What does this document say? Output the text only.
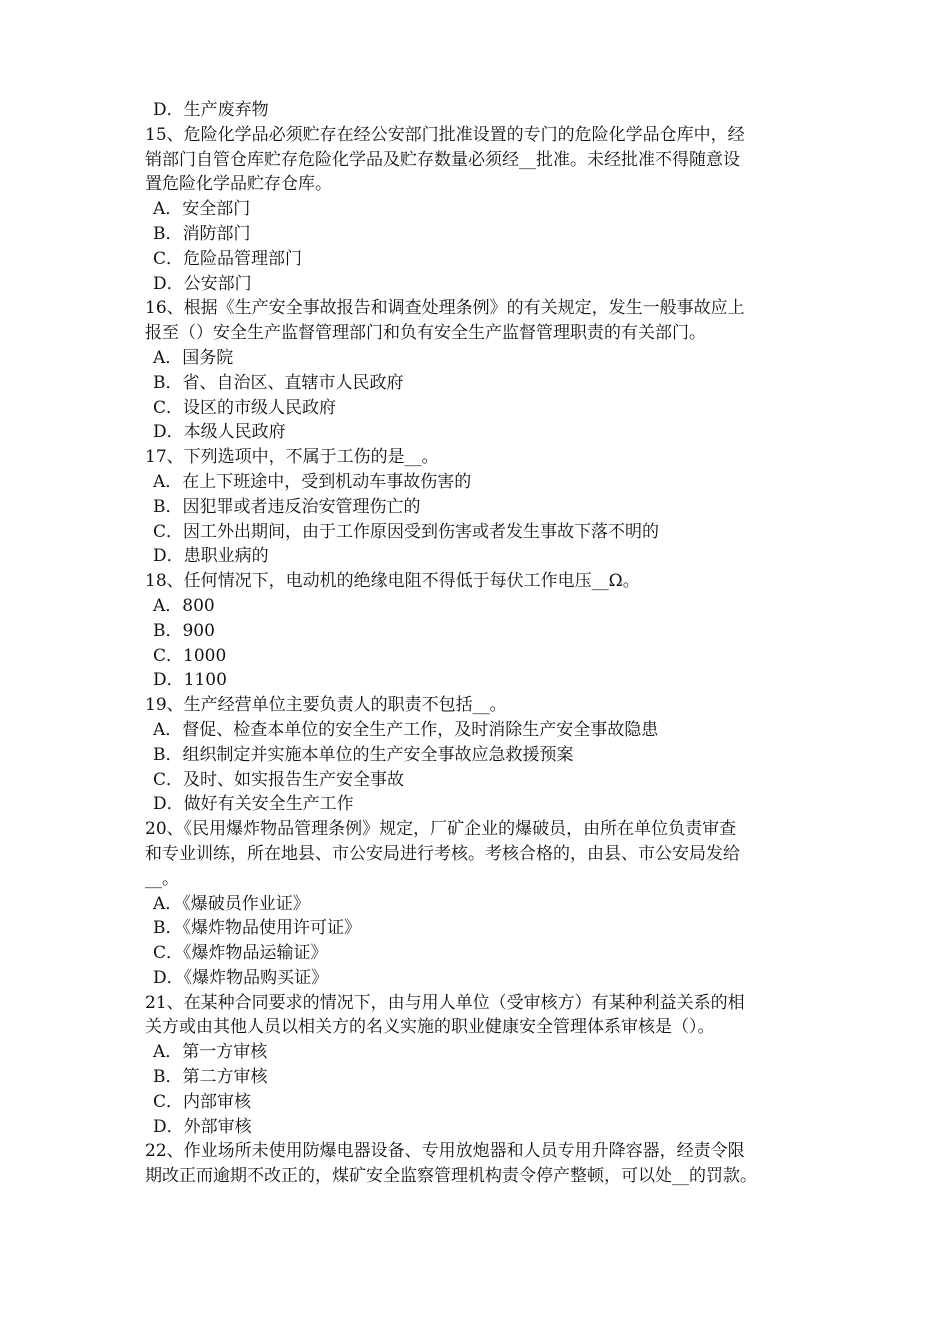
D．生产废弃物
15、危险化学品必须贮存在经公安部门批准设置的专门的危险化学品仓库中，经
销部门自管仓库贮存危险化学品及贮存数量必须经__批准。未经批准不得随意设
置危险化学品贮存仓库。
A．安全部门
B．消防部门
C．危险品管理部门
D．公安部门
16、根据《生产安全事故报告和调查处理条例》的有关规定，发生一般事故应上
报至（）安全生产监督管理部门和负有安全生产监督管理职责的有关部门。
A．国务院
B．省、自治区、直辖市人民政府
C．设区的市级人民政府
D．本级人民政府
17、下列选项中，不属于工伤的是__。
A．在上下班途中，受到机动车事故伤害的
B．因犯罪或者违反治安管理伤亡的
C．因工外出期间，由于工作原因受到伤害或者发生事故下落不明的
D．患职业病的
18、任何情况下，电动机的绝缘电阻不得低于每伏工作电压__Ω。
A．800
B．900
C．1000
D．1100
19、生产经营单位主要负责人的职责不包括__。
A．督促、检查本单位的安全生产工作，及时消除生产安全事故隐患
B．组织制定并实施本单位的生产安全事故应急救援预案
C．及时、如实报告生产安全事故
D．做好有关安全生产工作
20、《民用爆炸物品管理条例》规定，厂矿企业的爆破员，由所在单位负责审查
和专业训练，所在地县、市公安局进行考核。考核合格的，由县、市公安局发给
__。
A．《爆破员作业证》
B．《爆炸物品使用许可证》
C．《爆炸物品运输证》
D．《爆炸物品购买证》
21、在某种合同要求的情况下，由与用人单位（受审核方）有某种利益关系的相
关方或由其他人员以相关方的名义实施的职业健康安全管理体系审核是（）。
A．第一方审核
B．第二方审核
C．内部审核
D．外部审核
22、作业场所未使用防爆电器设备、专用放炮器和人员专用升降容器，经责令限
期改正而逾期不改正的，煤矿安全监察管理机构责令停产整顿，可以处__的罚款。
